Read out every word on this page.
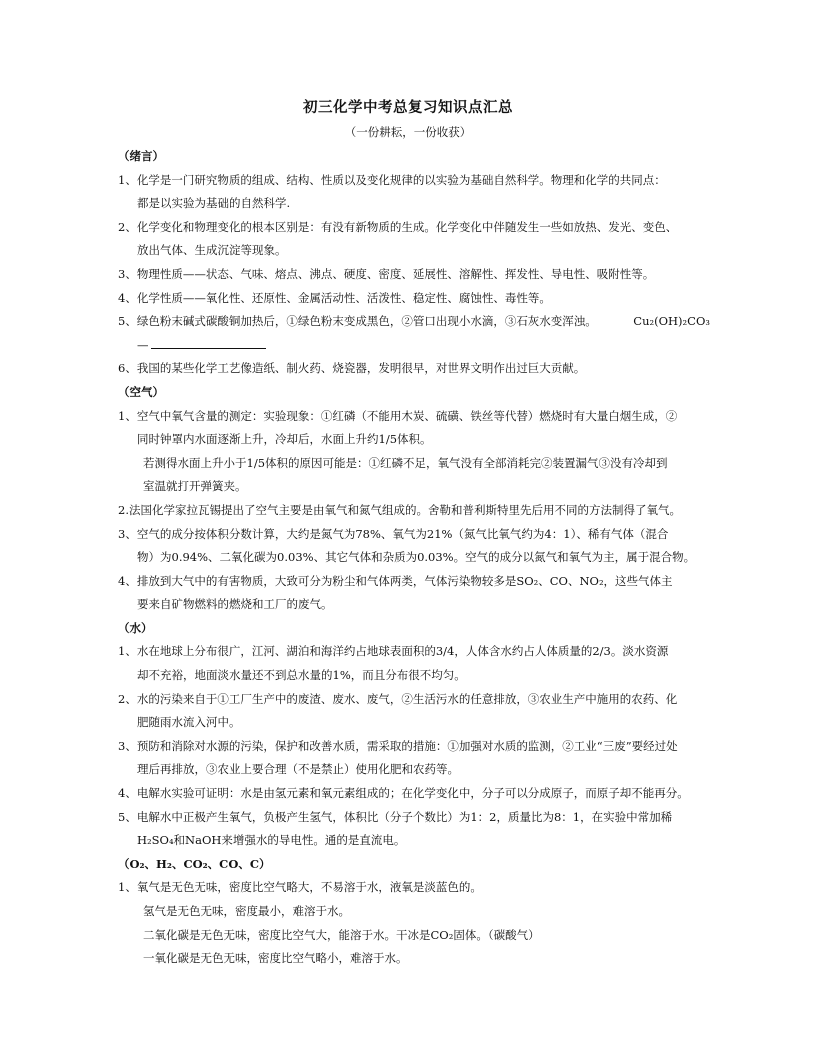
初三化学中考总复习知识点汇总
（一份耕耘，一份收获）
（绪言）
1、化学是一门研究物质的组成、结构、性质以及变化规律的以实验为基础自然科学。物理和化学的共同点：
都是以实验为基础的自然科学.
2、化学变化和物理变化的根本区别是：有没有新物质的生成。化学变化中伴随发生一些如放热、发光、变色、
放出气体、生成沉淀等现象。
3、物理性质——状态、气味、熔点、沸点、硬度、密度、延展性、溶解性、挥发性、导电性、吸附性等。
4、化学性质——氧化性、还原性、金属活动性、活泼性、稳定性、腐蚀性、毒性等。
5、绿色粉末碱式碳酸铜加热后，①绿色粉末变成黑色，②管口出现小水滴，③石灰水变浑浊。	Cu₂(OH)₂CO₃
—
6、我国的某些化学工艺像造纸、制火药、烧瓷器，发明很早，对世界文明作出过巨大贡献。
（空气）
1、空气中氧气含量的测定：实验现象：①红磷（不能用木炭、硫磺、铁丝等代替）燃烧时有大量白烟生成，②
同时钟罩内水面逐渐上升，冷却后，水面上升约1/5体积。
若测得水面上升小于1/5体积的原因可能是：①红磷不足，氧气没有全部消耗完②装置漏气③没有冷却到
室温就打开弹簧夹。
2.法国化学家拉瓦锡提出了空气主要是由氧气和氮气组成的。舍勒和普利斯特里先后用不同的方法制得了氧气。
3、空气的成分按体积分数计算，大约是氮气为78%、氧气为21%（氮气比氧气约为4：1）、稀有气体（混合
物）为0.94%、二氧化碳为0.03%、其它气体和杂质为0.03%。空气的成分以氮气和氧气为主，属于混合物。
4、排放到大气中的有害物质，大致可分为粉尘和气体两类，气体污染物较多是SO₂、CO、NO₂，这些气体主
要来自矿物燃料的燃烧和工厂的废气。
（水）
1、水在地球上分布很广，江河、湖泊和海洋约占地球表面积的3/4，人体含水约占人体质量的2/3。淡水资源
却不充裕，地面淡水量还不到总水量的1%，而且分布很不均匀。
2、水的污染来自于①工厂生产中的废渣、废水、废气，②生活污水的任意排放，③农业生产中施用的农药、化
肥随雨水流入河中。
3、预防和消除对水源的污染，保护和改善水质，需采取的措施：①加强对水质的监测，②工业“三废”要经过处
理后再排放，③农业上要合理（不是禁止）使用化肥和农药等。
4、电解水实验可证明：水是由氢元素和氧元素组成的；在化学变化中，分子可以分成原子，而原子却不能再分。
5、电解水中正极产生氧气，负极产生氢气，体积比（分子个数比）为1：2，质量比为8：1，在实验中常加稀
H₂SO₄和NaOH来增强水的导电性。通的是直流电。
（O₂、H₂、CO₂、CO、C）
1、氧气是无色无味，密度比空气略大，不易溶于水，液氧是淡蓝色的。
氢气是无色无味，密度最小，难溶于水。
二氧化碳是无色无味，密度比空气大，能溶于水。干冰是CO₂固体。（碳酸气）
一氧化碳是无色无味，密度比空气略小，难溶于水。
